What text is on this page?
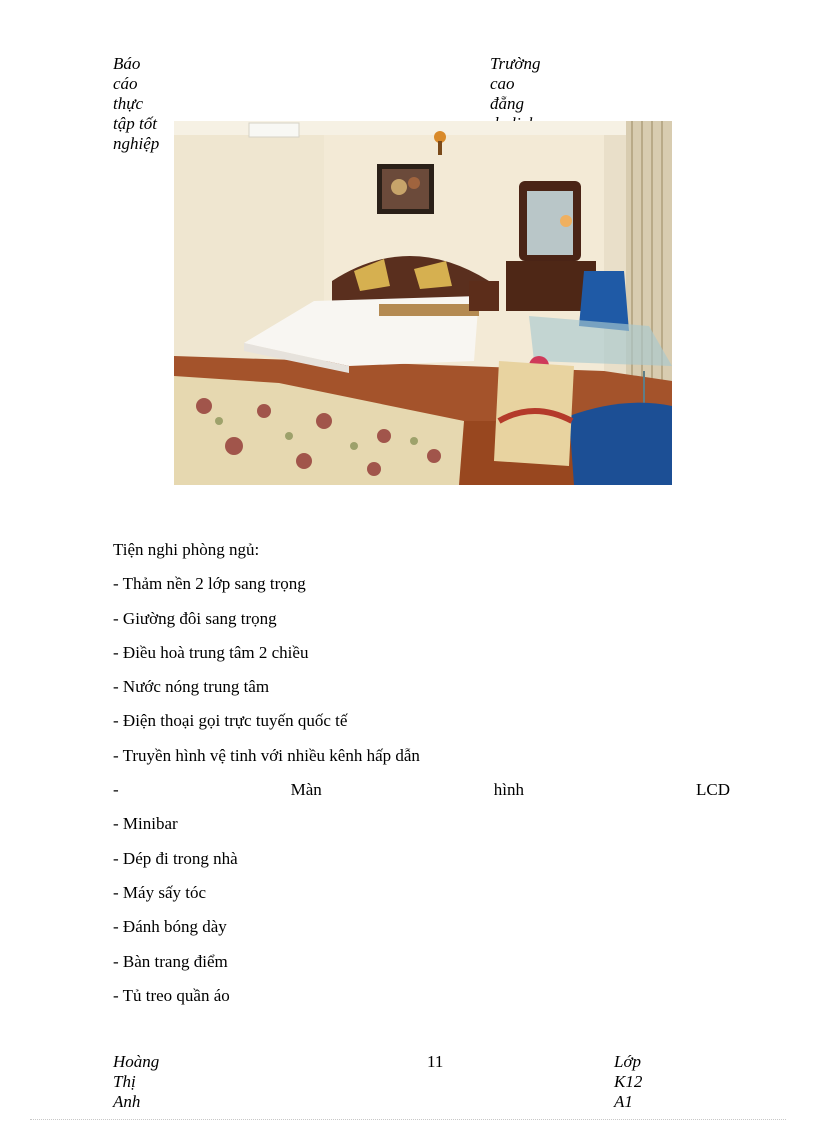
Báo cáo thực tập tốt nghiệp
Trường cao đẵng
Tiện nghi phòng ngủ:
- Thảm nền 2 lớp sang trọng
- Giường đôi sang trọng
- Điều hoà trung tâm 2 chiều
- Nước nóng trung tâm
- Điện thoại gọi trực tuyến quốc tế
- Truyền hình vệ tinh với nhiều kênh hấp dẫn
-	Màn	hình	LCD
- Minibar
- Dép đi trong nhà
- Máy sấy tóc
- Đánh bóng dày
- Bàn trang điểm
- Tủ treo quần áo
Hoàng Thị Anh
11	Lớp K12 A1
